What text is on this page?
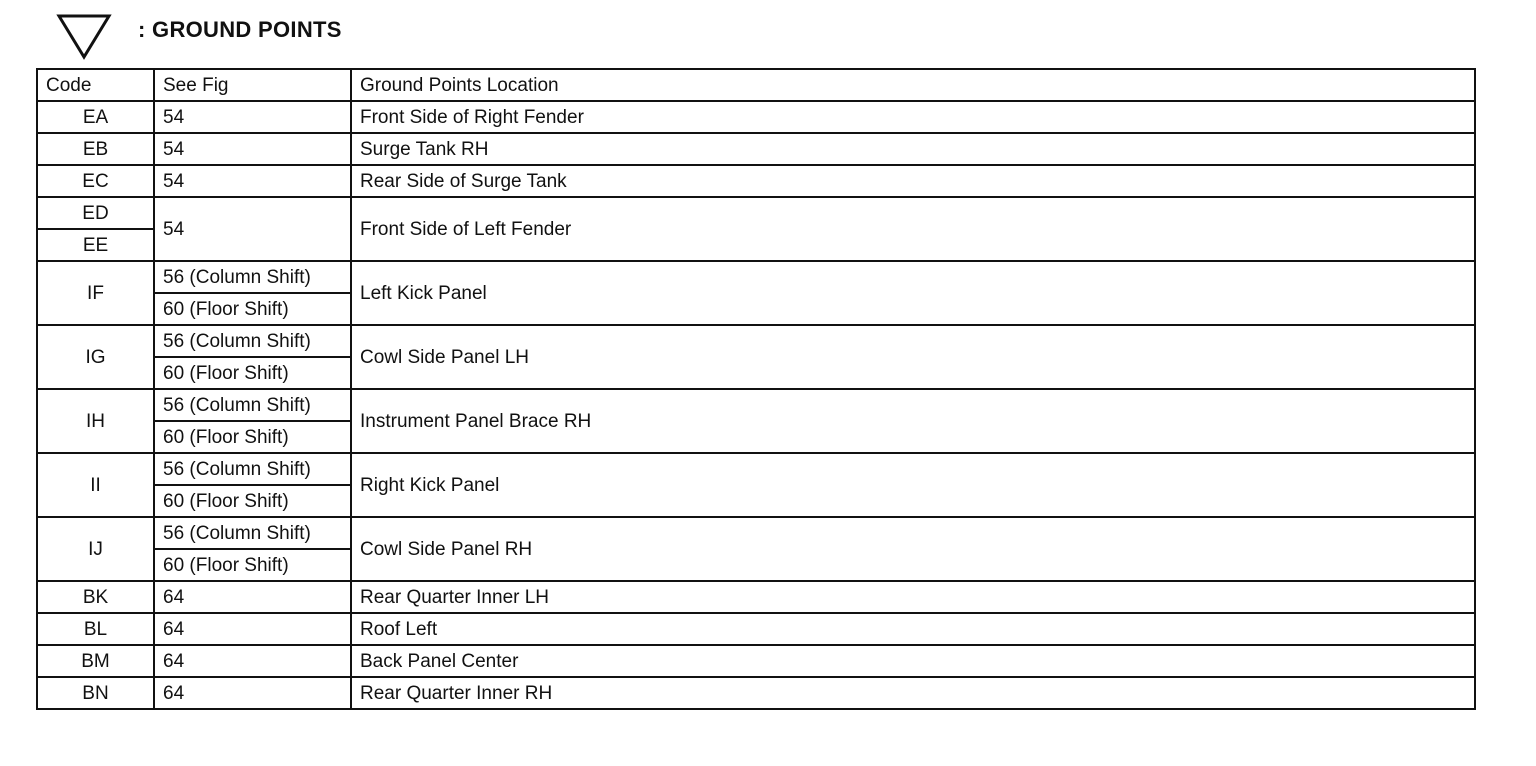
: GROUND POINTS
Code	See Fig	Ground Points Location
EA	54	Front Side of Right Fender
EB	54	Surge Tank RH
EC	54	Rear Side of Surge Tank
ED	54	Front Side of Left Fender
EE		
IF	56 (Column Shift)	Left Kick Panel
	60 (Floor Shift)	
IG	56 (Column Shift)	Cowl Side Panel LH
	60 (Floor Shift)	
IH	56 (Column Shift)	Instrument Panel Brace RH
	60 (Floor Shift)	
II	56 (Column Shift)	Right Kick Panel
	60 (Floor Shift)	
IJ	56 (Column Shift)	Cowl Side Panel RH
	60 (Floor Shift)	
BK	64	Rear Quarter Inner LH
BL	64	Roof Left
BM	64	Back Panel Center
BN	64	Rear Quarter Inner RH
